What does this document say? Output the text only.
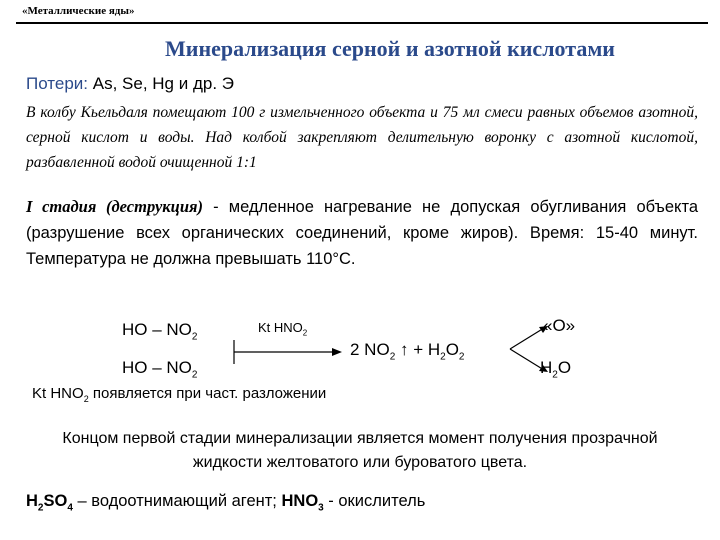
«Металлические яды»
Минерализация серной и азотной кислотами
Потери: As, Se, Hg и др. Э
В колбу Кьельдаля помещают 100 г измельченного объекта и 75 мл смеси равных объемов азотной, серной кислот и воды. Над колбой закрепляют делительную воронку с азотной кислотой, разбавленной водой очищенной 1:1
I стадия (деструкция) - медленное нагревание не допуская обугливания объекта (разрушение всех органических соединений, кроме жиров). Время: 15-40 минут. Температура не должна превышать 110°С.
HO – $NO_2$
HO – $NO_2$
Kt $HNO_2$
2 $NO_2$ ↑ + $H_2O_2$
«O»
$H_2O$
Kt $HNO_2$ появляется при част. разложении
Концом первой стадии минерализации является момент получения прозрачной жидкости желтоватого или буроватого цвета.
$H_2SO_4$ – водоотнимающий агент; $HNO_3$ - окислитель
